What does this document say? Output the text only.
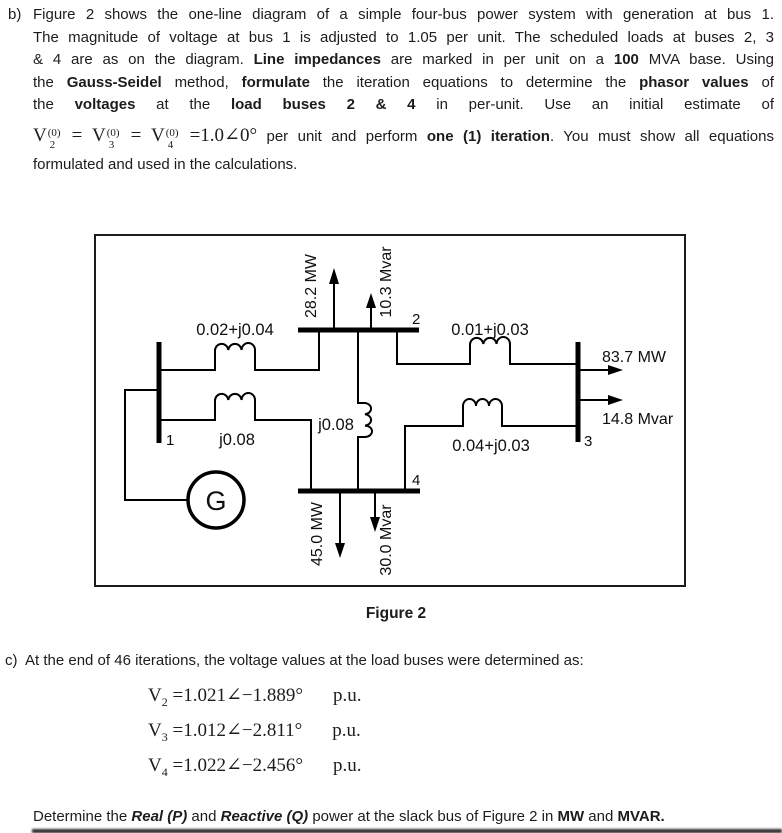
b) Figure 2 shows the one-line diagram of a simple four-bus power system with generation at bus 1.
The magnitude of voltage at bus 1 is adjusted to 1.05 per unit. The scheduled loads at buses 2, 3
& 4 are as on the diagram. Line impedances are marked in per unit on a 100 MVA base. Using
the Gauss-Seidel method, formulate the iteration equations to determine the phasor values of
the voltages at the load buses 2 & 4 in per-unit. Use an initial estimate of
V (0)
2 = V (0)
3 = V (0)
4 =1.0∠0° per unit and perform one (1) iteration. You must show all equations
formulated and used in the calculations.
G
28.2 MW	10.3 Mvar
45.0 MW	30.0 Mvar
83.7 MW
14.8 Mvar
0.02+j0.04
j0.08
j0.08
0.01+j0.03
0.04+j0.03
1
2
3
4
Figure 2
c) At the end of 46 iterations, the voltage values at the load buses were determined as:
$V_2$ =1.021∠−1.889° p.u.
$V_3$ =1.012∠−2.811° p.u.
$V_4$ =1.022∠−2.456° p.u.
Determine the Real (P) and Reactive (Q) power at the slack bus of Figure 2 in MW and MVAR.
